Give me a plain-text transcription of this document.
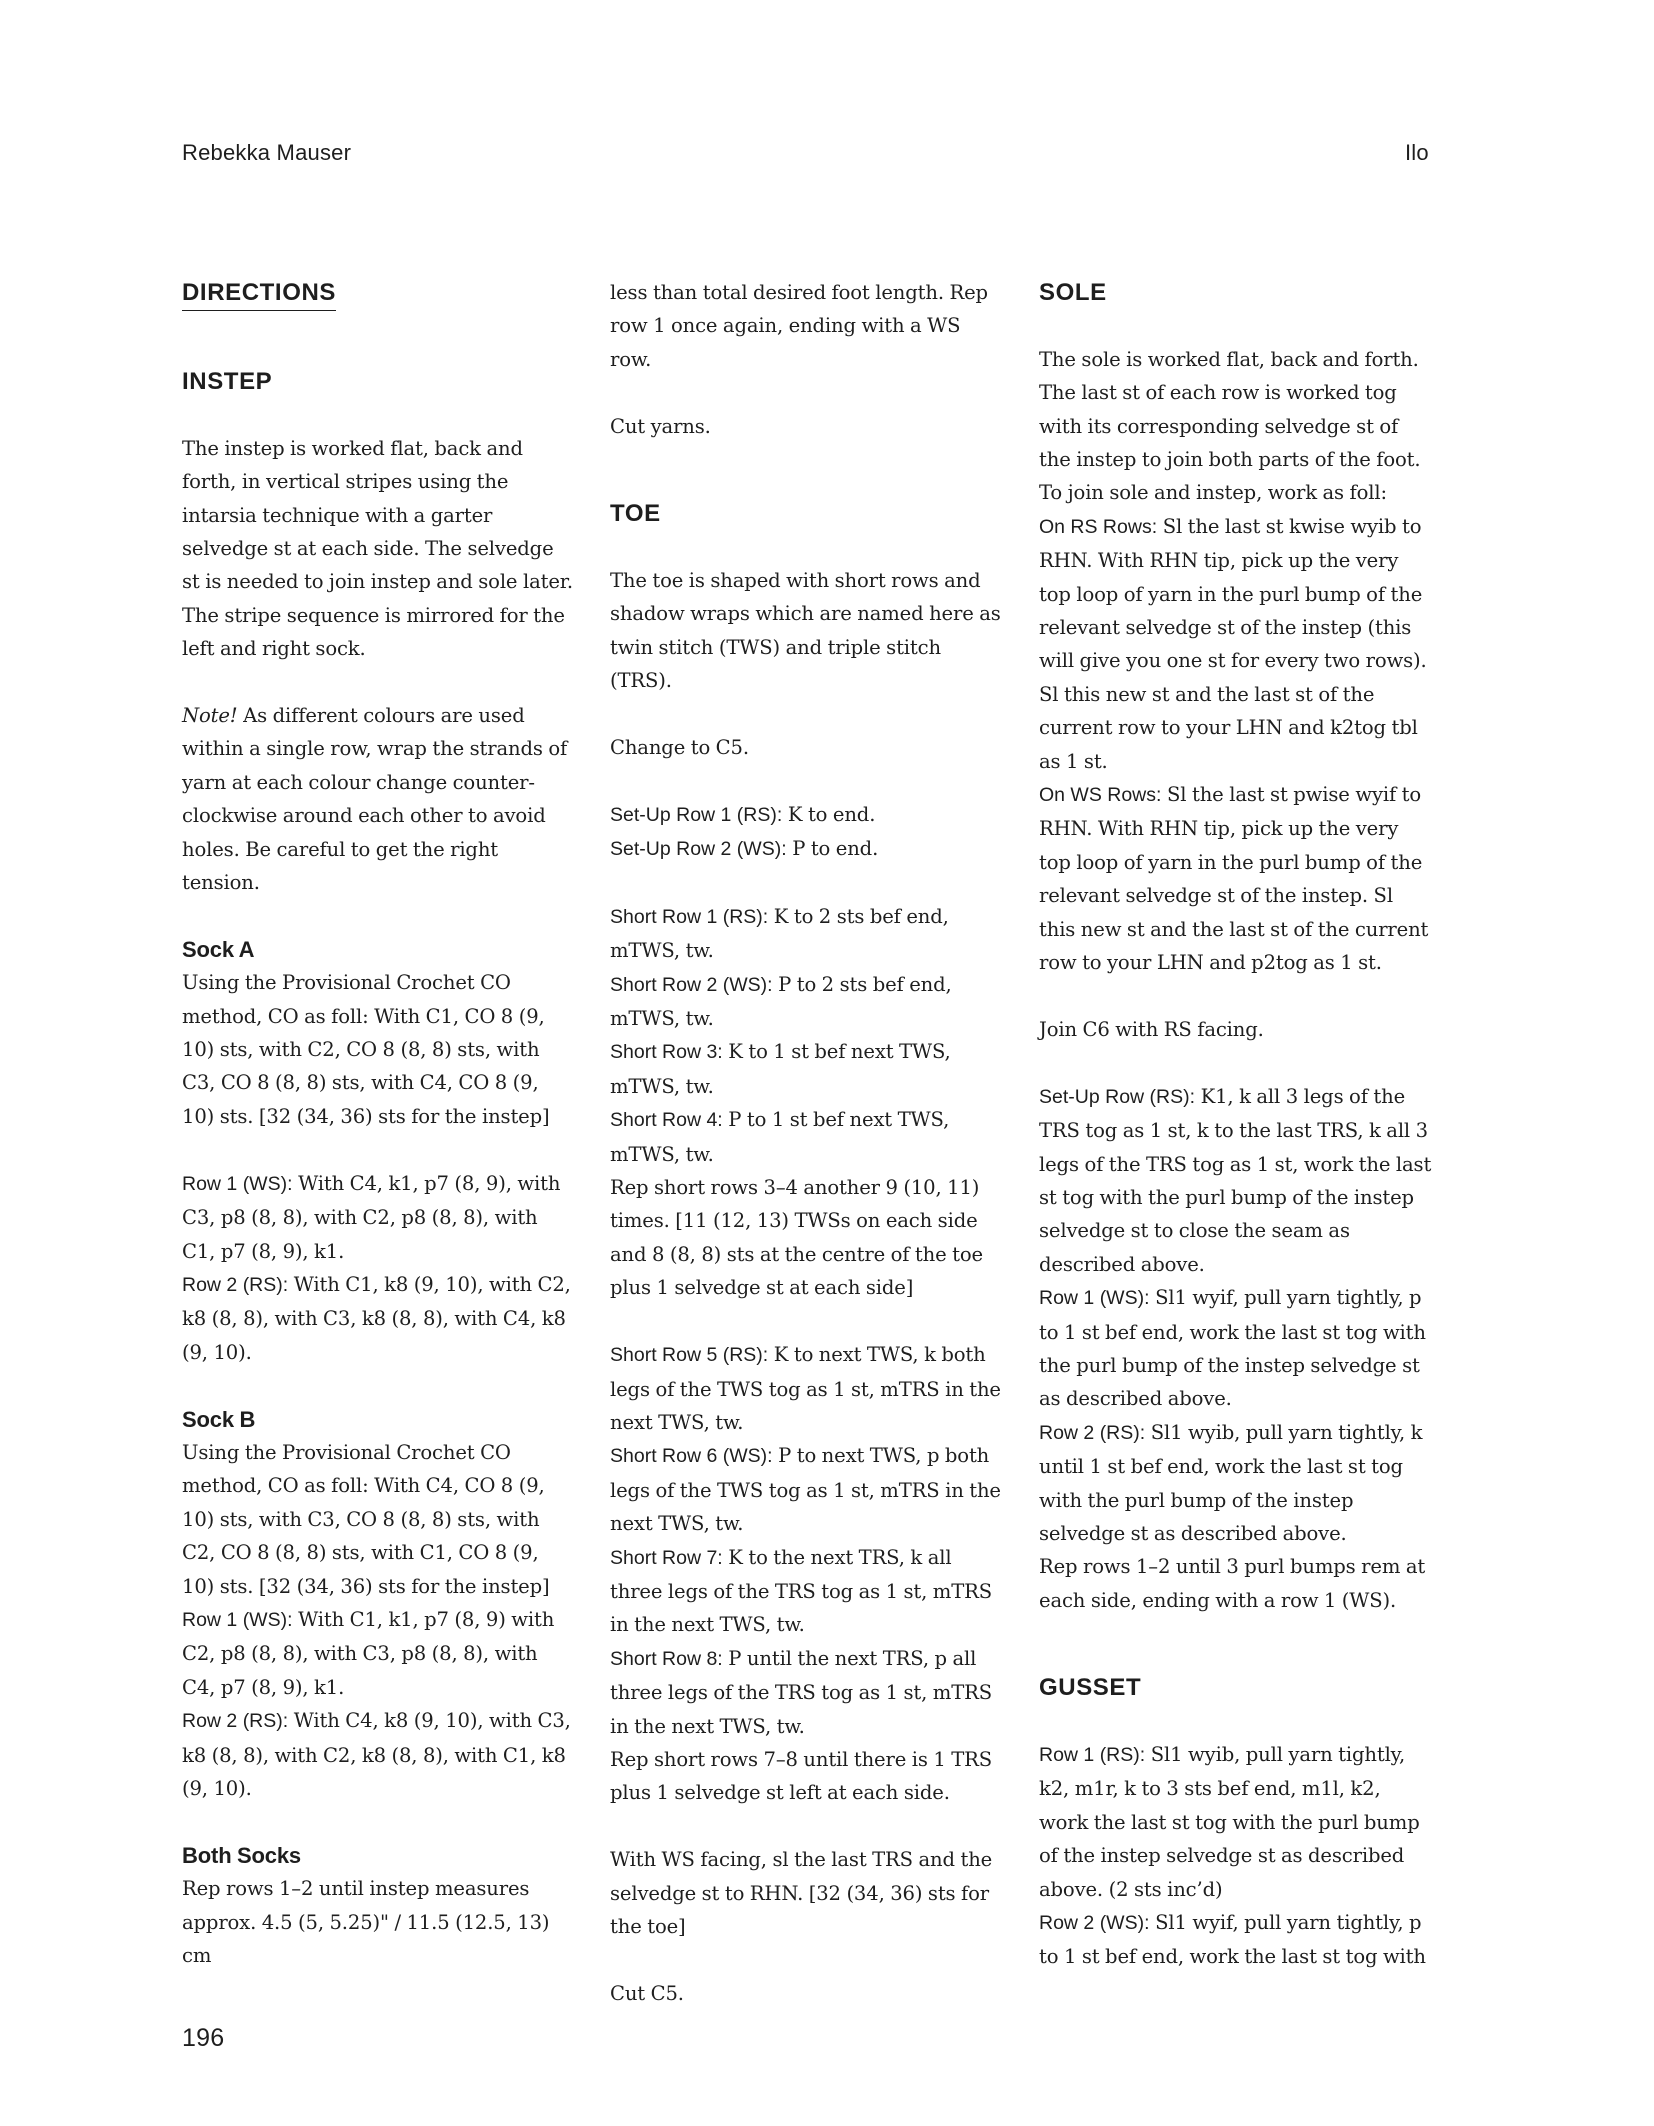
Rebekka Mauser	Ilo
DIRECTIONS
INSTEP

The instep is worked flat, back and forth, in vertical stripes using the intarsia technique with a garter selvedge st at each side. The selvedge st is needed to join instep and sole later. The stripe sequence is mirrored for the left and right sock.

Note! As different colours are used within a single row, wrap the strands of yarn at each colour change counter-clockwise around each other to avoid holes. Be careful to get the right tension.

Sock A

Using the Provisional Crochet CO method, CO as foll: With C1, CO 8 (9, 10) sts, with C2, CO 8 (8, 8) sts, with C3, CO 8 (8, 8) sts, with C4, CO 8 (9, 10) sts. [32 (34, 36) sts for the instep]

Row 1 (WS): With C4, k1, p7 (8, 9), with C3, p8 (8, 8), with C2, p8 (8, 8), with C1, p7 (8, 9), k1.

Row 2 (RS): With C1, k8 (9, 10), with C2, k8 (8, 8), with C3, k8 (8, 8), with C4, k8 (9, 10).

Sock B

Using the Provisional Crochet CO method, CO as foll: With C4, CO 8 (9, 10) sts, with C3, CO 8 (8, 8) sts, with C2, CO 8 (8, 8) sts, with C1, CO 8 (9, 10) sts. [32 (34, 36) sts for the instep]

Row 1 (WS): With C1, k1, p7 (8, 9) with C2, p8 (8, 8), with C3, p8 (8, 8), with C4, p7 (8, 9), k1.

Row 2 (RS): With C4, k8 (9, 10), with C3, k8 (8, 8), with C2, k8 (8, 8), with C1, k8 (9, 10).

Both Socks

Rep rows 1–2 until instep measures approx. 4.5 (5, 5.25)" / 11.5 (12.5, 13) cm

less than total desired foot length. Rep row 1 once again, ending with a WS row.

Cut yarns.

TOE

The toe is shaped with short rows and shadow wraps which are named here as twin stitch (TWS) and triple stitch (TRS).

Change to C5.

Set-Up Row 1 (RS): K to end.

Set-Up Row 2 (WS): P to end.

Short Row 1 (RS): K to 2 sts bef end, mTWS, tw.

Short Row 2 (WS): P to 2 sts bef end, mTWS, tw.

Short Row 3: K to 1 st bef next TWS, mTWS, tw.

Short Row 4: P to 1 st bef next TWS, mTWS, tw.

Rep short rows 3–4 another 9 (10, 11) times. [11 (12, 13) TWSs on each side and 8 (8, 8) sts at the centre of the toe plus 1 selvedge st at each side]

Short Row 5 (RS): K to next TWS, k both legs of the TWS tog as 1 st, mTRS in the next TWS, tw.

Short Row 6 (WS): P to next TWS, p both legs of the TWS tog as 1 st, mTRS in the next TWS, tw.

Short Row 7: K to the next TRS, k all three legs of the TRS tog as 1 st, mTRS in the next TWS, tw.

Short Row 8: P until the next TRS, p all three legs of the TRS tog as 1 st, mTRS in the next TWS, tw.

Rep short rows 7–8 until there is 1 TRS plus 1 selvedge st left at each side.

With WS facing, sl the last TRS and the selvedge st to RHN. [32 (34, 36) sts for the toe]

Cut C5.

SOLE

The sole is worked flat, back and forth. The last st of each row is worked tog with its corresponding selvedge st of the instep to join both parts of the foot. To join sole and instep, work as foll:

On RS Rows: Sl the last st kwise wyib to RHN. With RHN tip, pick up the very top loop of yarn in the purl bump of the relevant selvedge st of the instep (this will give you one st for every two rows). Sl this new st and the last st of the current row to your LHN and k2tog tbl as 1 st.

On WS Rows: Sl the last st pwise wyif to RHN. With RHN tip, pick up the very top loop of yarn in the purl bump of the relevant selvedge st of the instep. Sl this new st and the last st of the current row to your LHN and p2tog as 1 st.

Join C6 with RS facing.

Set-Up Row (RS): K1, k all 3 legs of the TRS tog as 1 st, k to the last TRS, k all 3 legs of the TRS tog as 1 st, work the last st tog with the purl bump of the instep selvedge st to close the seam as described above.

Row 1 (WS): Sl1 wyif, pull yarn tightly, p to 1 st bef end, work the last st tog with the purl bump of the instep selvedge st as described above.

Row 2 (RS): Sl1 wyib, pull yarn tightly, k until 1 st bef end, work the last st tog with the purl bump of the instep selvedge st as described above.

Rep rows 1–2 until 3 purl bumps rem at each side, ending with a row 1 (WS).

GUSSET

Row 1 (RS): Sl1 wyib, pull yarn tightly, k2, m1r, k to 3 sts bef end, m1l, k2, work the last st tog with the purl bump of the instep selvedge st as described above. (2 sts inc’d)

Row 2 (WS): Sl1 wyif, pull yarn tightly, p to 1 st bef end, work the last st tog with

196
